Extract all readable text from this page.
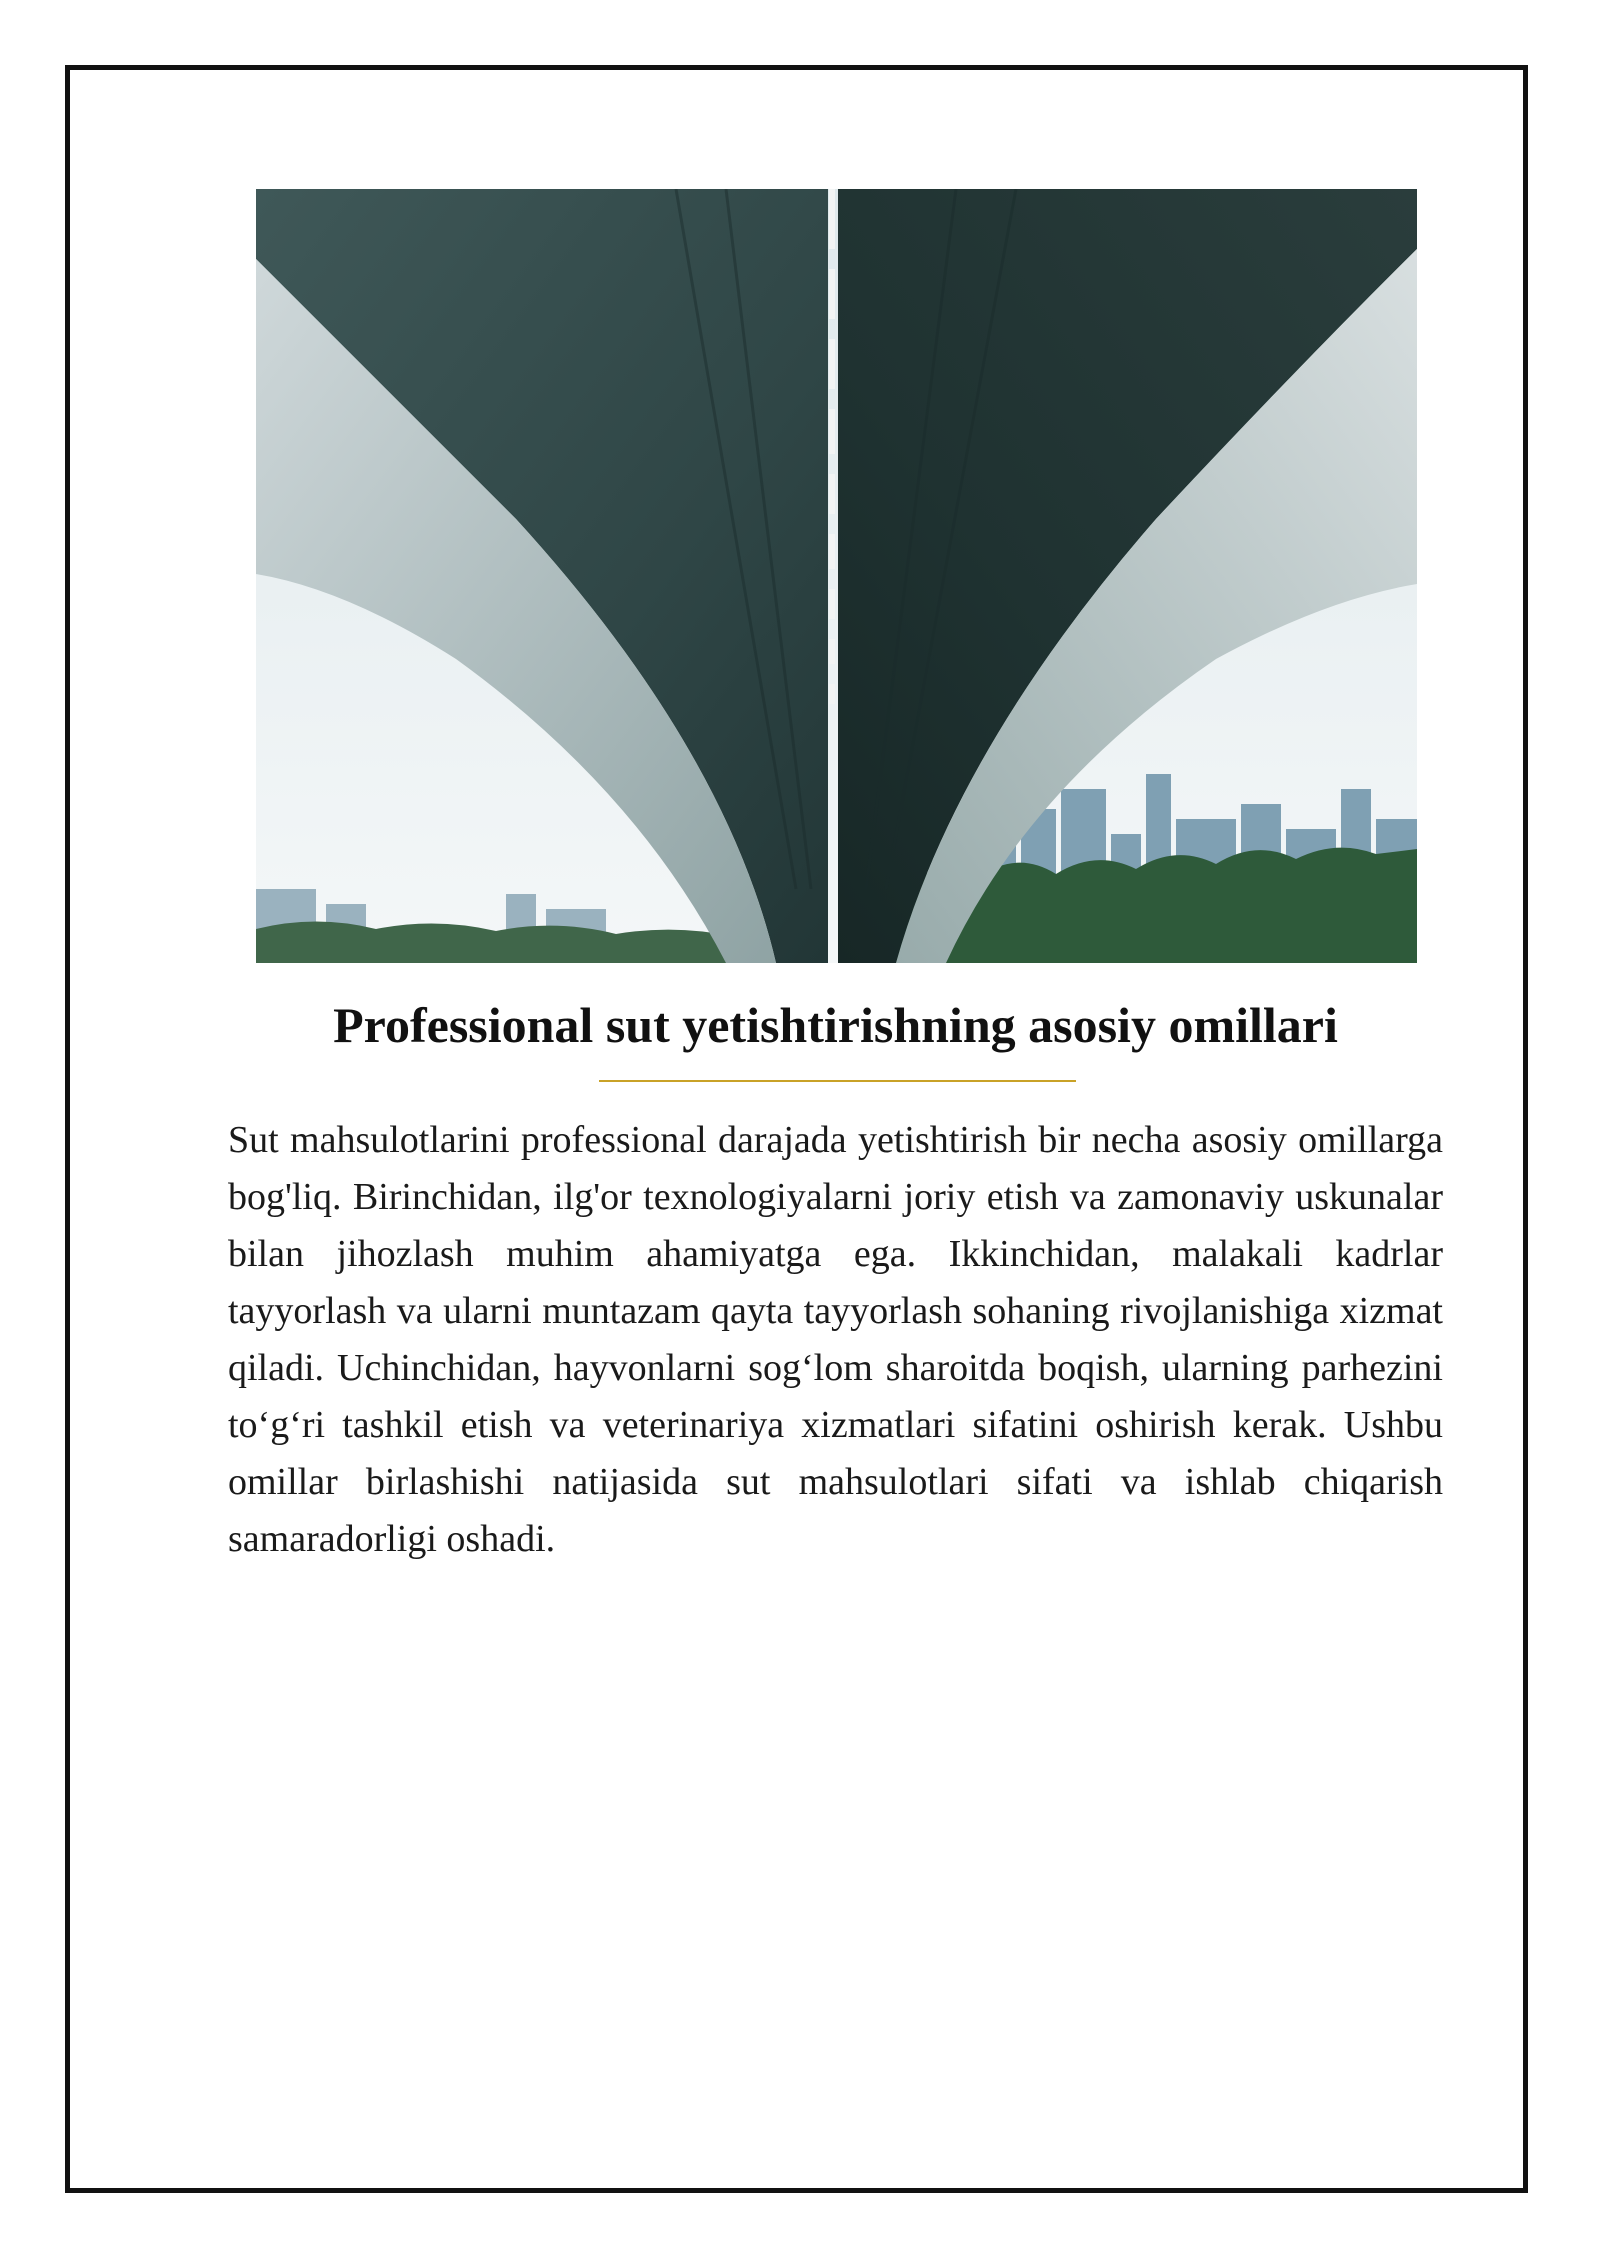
Professional sut yetishtirishning asosiy omillari

Sut mahsulotlarini professional darajada yetishtirish bir necha asosiy omillarga bog'liq. Birinchidan, ilg'or texnologiyalarni joriy etish va zamonaviy uskunalar bilan jihozlash muhim ahamiyatga ega. Ikkinchidan, malakali kadrlar tayyorlash va ularni muntazam qayta tayyorlash sohaning rivojlanishiga xizmat qiladi. Uchinchidan, hayvonlarni sog‘lom sharoitda boqish, ularning parhezini to‘g‘ri tashkil etish va veterinariya xizmatlari sifatini oshirish kerak. Ushbu omillar birlashishi natijasida sut mahsulotlari sifati va ishlab chiqarish samaradorligi oshadi.
